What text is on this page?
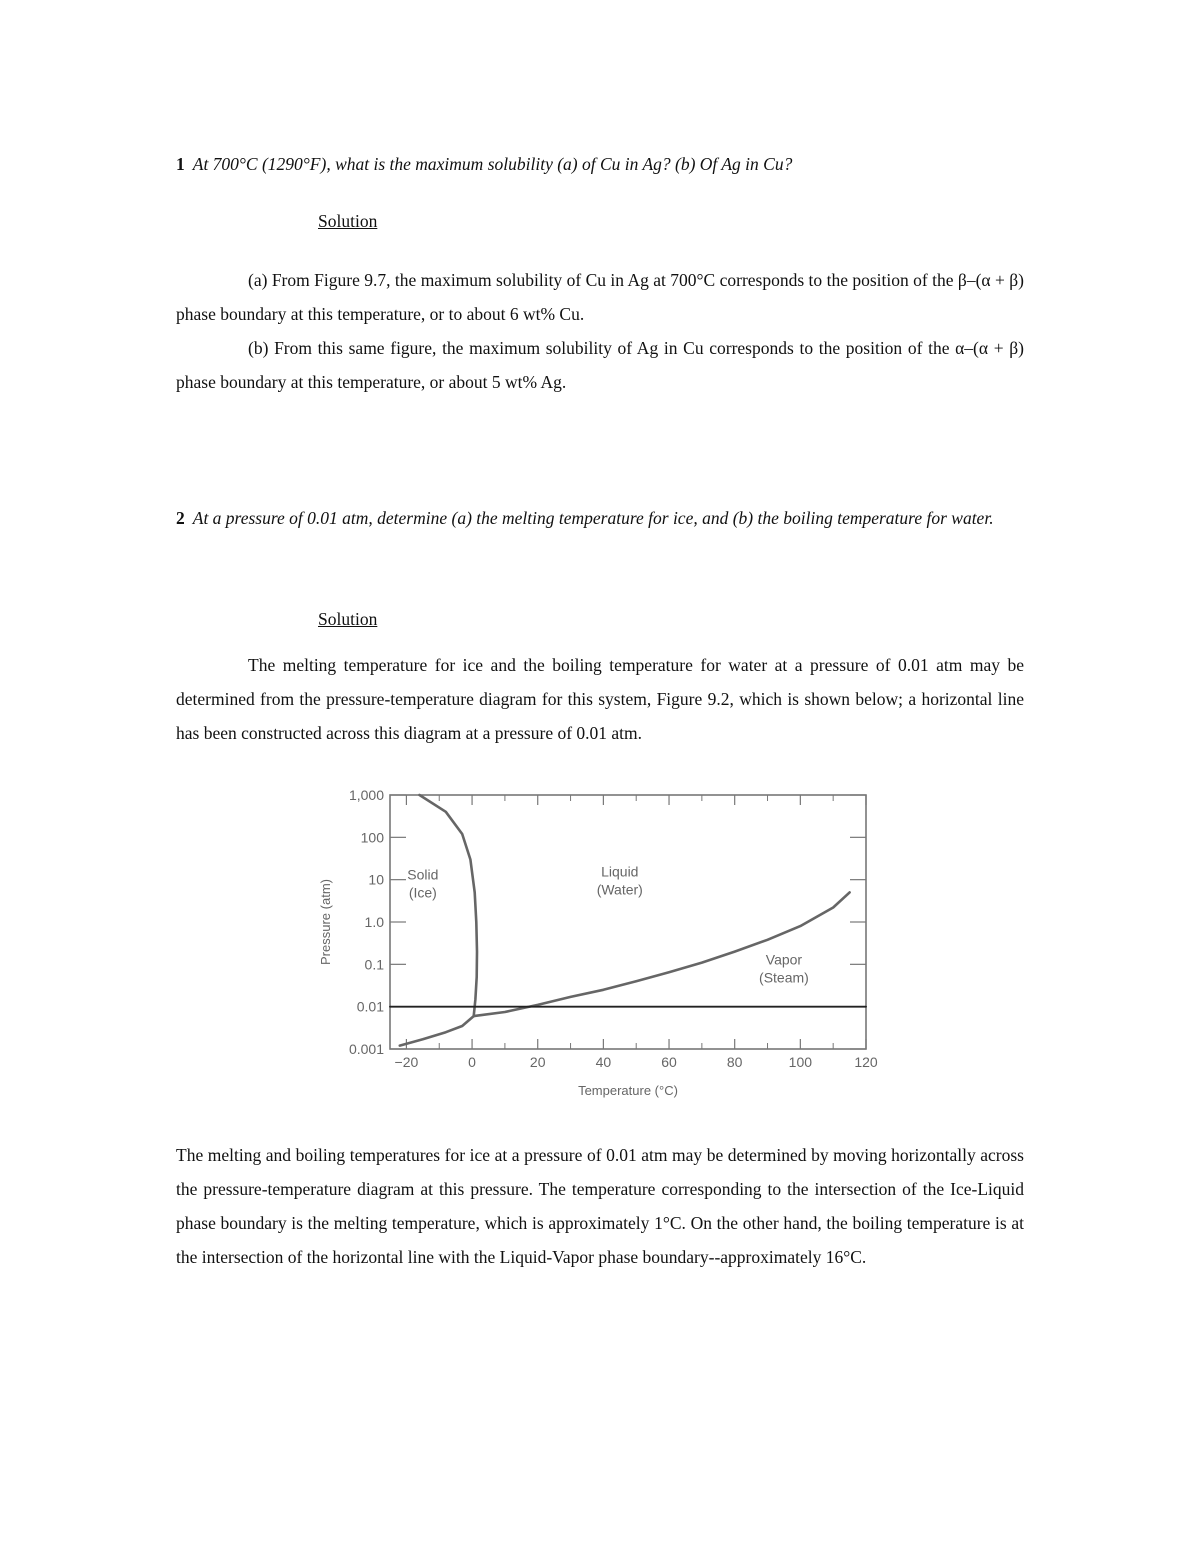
1 At 700°C (1290°F), what is the maximum solubility (a) of Cu in Ag? (b) Of Ag in Cu?
Solution
(a) From Figure 9.7, the maximum solubility of Cu in Ag at 700°C corresponds to the position of the β–(α + β) phase boundary at this temperature, or to about 6 wt% Cu.
(b) From this same figure, the maximum solubility of Ag in Cu corresponds to the position of the α–(α + β) phase boundary at this temperature, or about 5 wt% Ag.
2 At a pressure of 0.01 atm, determine (a) the melting temperature for ice, and (b) the boiling temperature for water.
Solution
The melting temperature for ice and the boiling temperature for water at a pressure of 0.01 atm may be determined from the pressure-temperature diagram for this system, Figure 9.2, which is shown below; a horizontal line has been constructed across this diagram at a pressure of 0.01 atm.
−20	0	20	40	60	80	100	120
0.001
0.01
0.1
1.0
10
100
1,000
Temperature (°C)
Pressure (atm)
Solid
(Ice)
Liquid
(Water)
Vapor
(Steam)
The melting and boiling temperatures for ice at a pressure of 0.01 atm may be determined by moving horizontally across the pressure-temperature diagram at this pressure. The temperature corresponding to the intersection of the Ice-Liquid phase boundary is the melting temperature, which is approximately 1°C. On the other hand, the boiling temperature is at the intersection of the horizontal line with the Liquid-Vapor phase boundary--approximately 16°C.
